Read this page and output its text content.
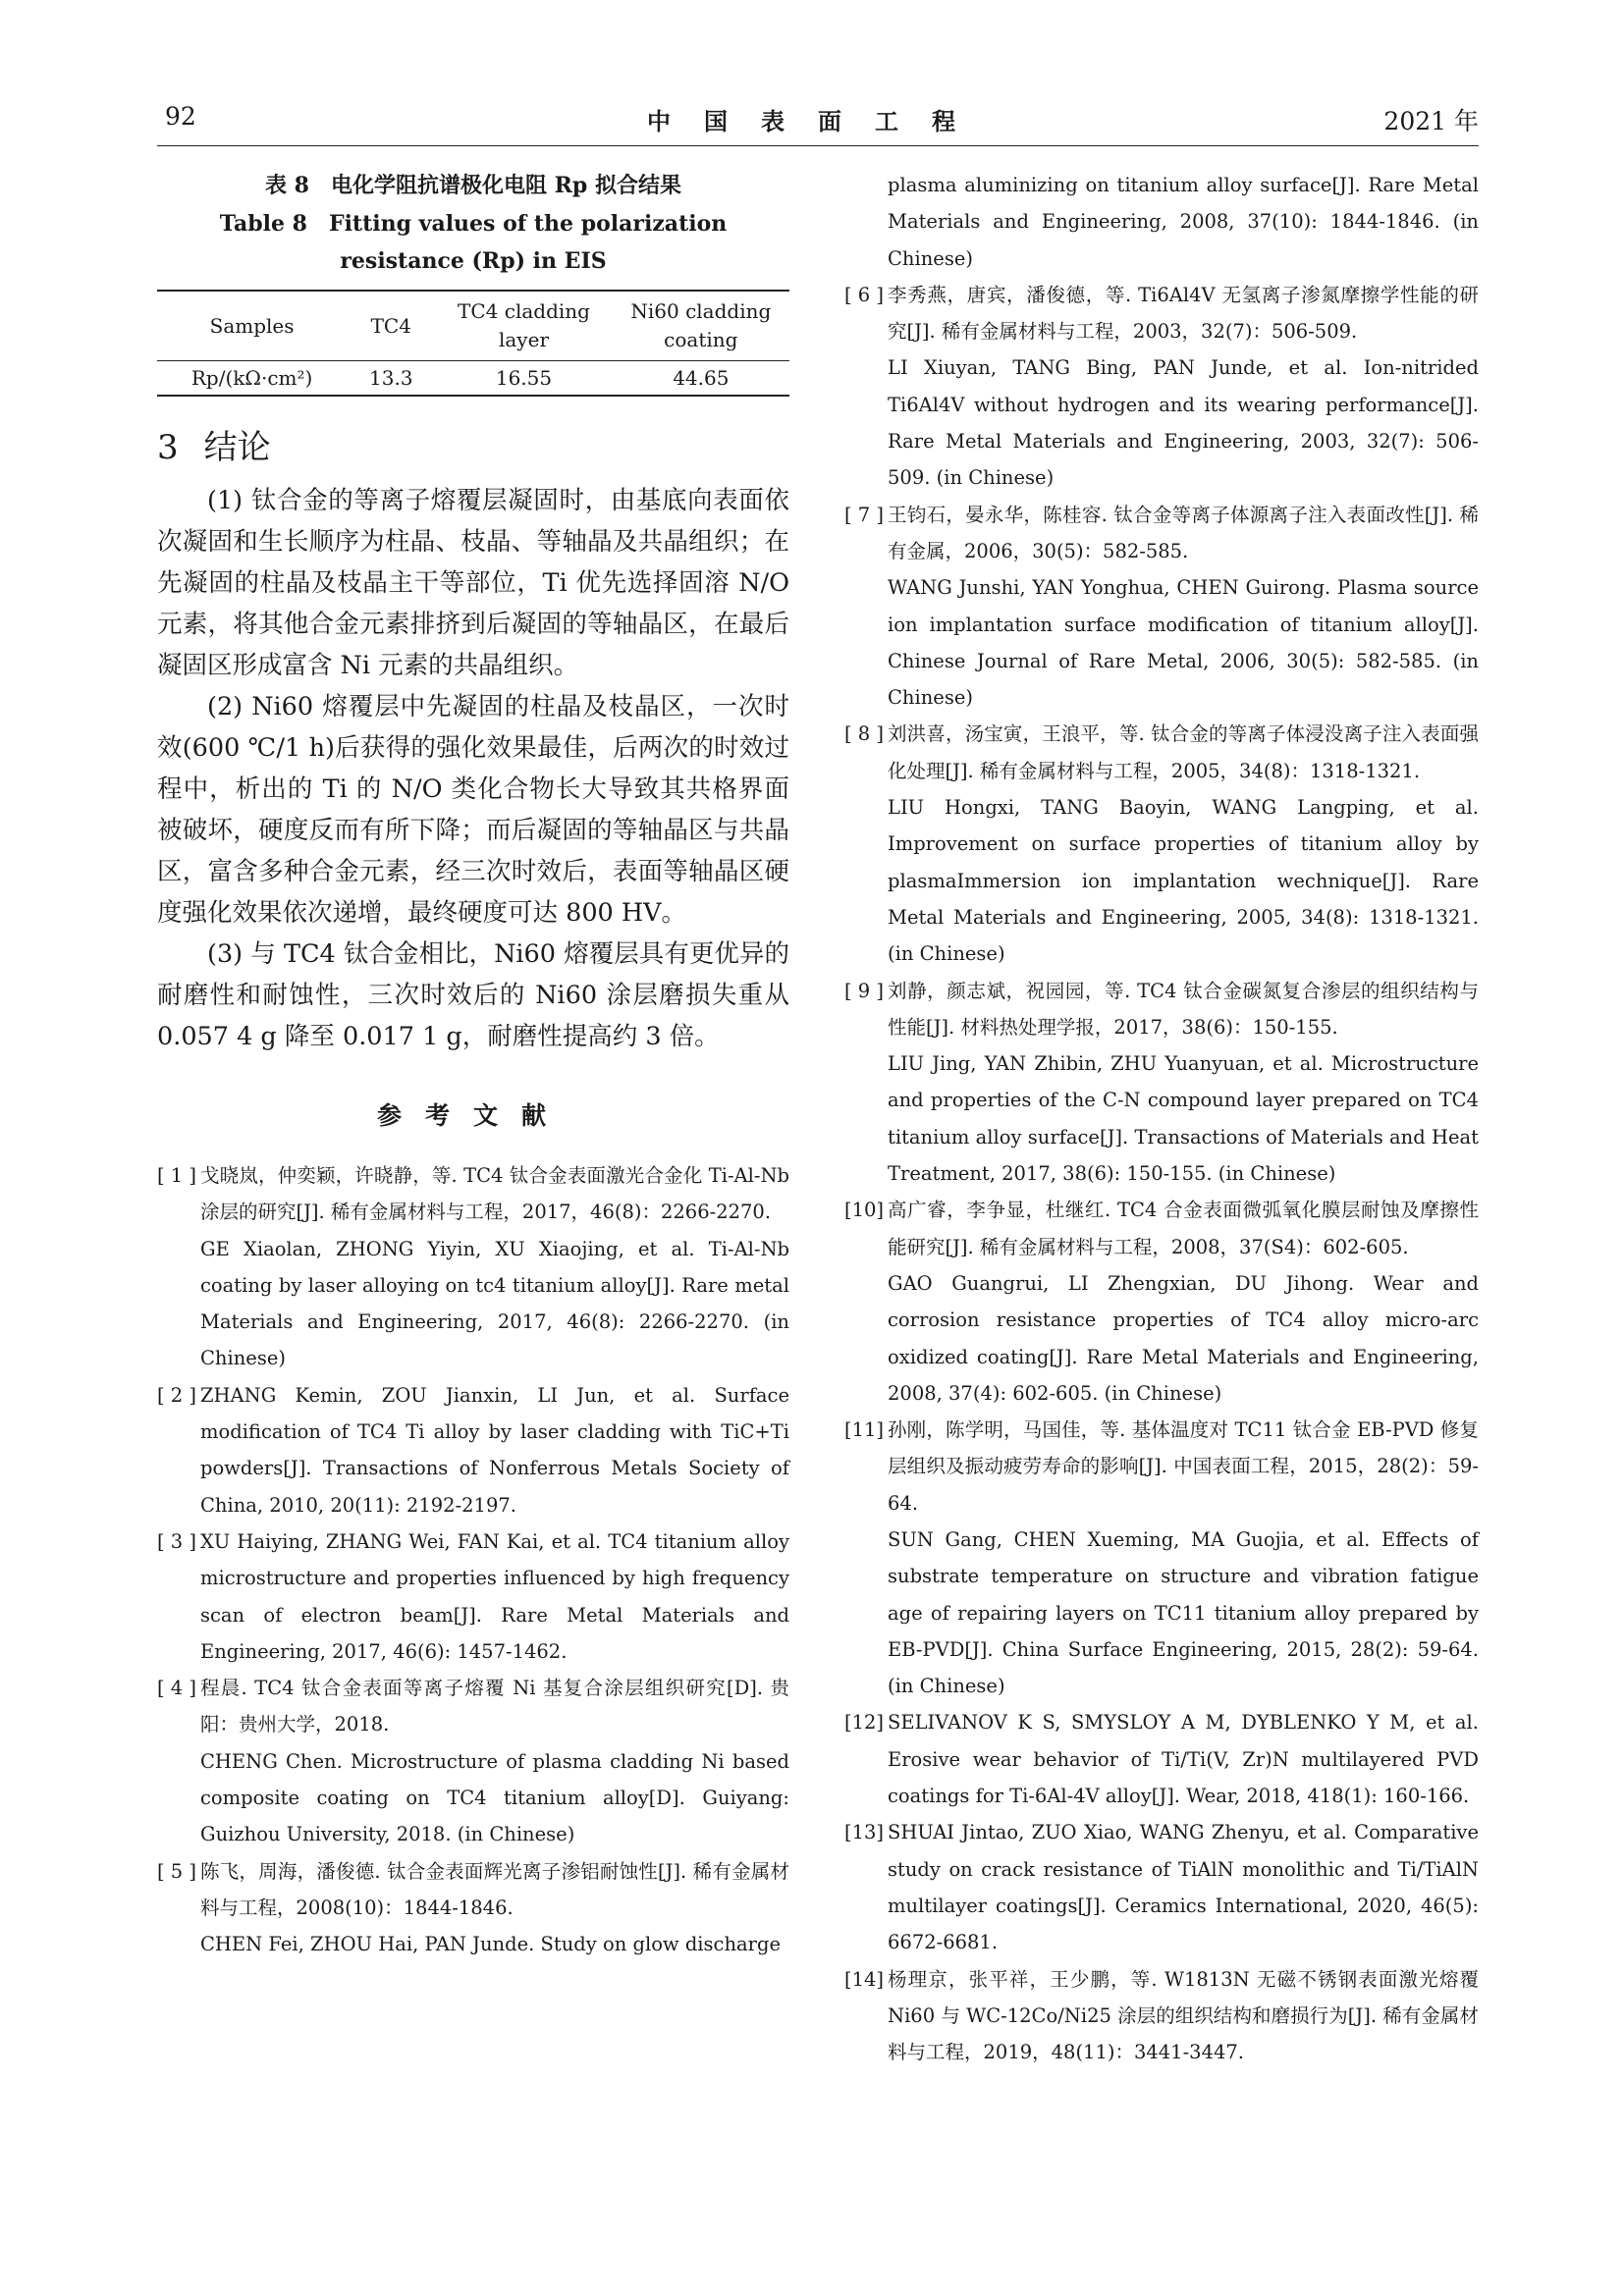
92	中国表面工程	2021 年
表 8　电化学阻抗谱极化电阻 Rp 拟合结果
Table 8　Fitting values of the polarization resistance (Rp) in EIS
Samples	TC4	TC4 cladding layer	Ni60 cladding coating
Rp/(kΩ·cm²)	13.3	16.55	44.65
3 结论

(1) 钛合金的等离子熔覆层凝固时，由基底向表面依次凝固和生长顺序为柱晶、枝晶、等轴晶及共晶组织；在先凝固的柱晶及枝晶主干等部位，Ti 优先选择固溶 N/O 元素，将其他合金元素排挤到后凝固的等轴晶区，在最后凝固区形成富含 Ni 元素的共晶组织。

(2) Ni60 熔覆层中先凝固的柱晶及枝晶区，一次时效(600 ℃/1 h)后获得的强化效果最佳，后两次的时效过程中，析出的 Ti 的 N/O 类化合物长大导致其共格界面被破坏，硬度反而有所下降；而后凝固的等轴晶区与共晶区，富含多种合金元素，经三次时效后，表面等轴晶区硬度强化效果依次递增，最终硬度可达 800 HV。

(3) 与 TC4 钛合金相比，Ni60 熔覆层具有更优异的耐磨性和耐蚀性，三次时效后的 Ni60 涂层磨损失重从 0.057 4 g 降至 0.017 1 g，耐磨性提高约 3 倍。

参考文献
[ 1 ] 戈晓岚，仲奕颖，许晓静，等. TC4 钛合金表面激光合金化 Ti-Al-Nb 涂层的研究[J]. 稀有金属材料与工程，2017，46(8)：2266-2270.

GE Xiaolan, ZHONG Yiyin, XU Xiaojing, et al. Ti-Al-Nb coating by laser alloying on tc4 titanium alloy[J]. Rare metal Materials and Engineering, 2017, 46(8): 2266-2270. (in Chinese)

[ 2 ] ZHANG Kemin, ZOU Jianxin, LI Jun, et al. Surface modification of TC4 Ti alloy by laser cladding with TiC+Ti powders[J]. Transactions of Nonferrous Metals Society of China, 2010, 20(11): 2192-2197.

[ 3 ] XU Haiying, ZHANG Wei, FAN Kai, et al. TC4 titanium alloy microstructure and properties influenced by high frequency scan of electron beam[J]. Rare Metal Materials and Engineering, 2017, 46(6): 1457-1462.

[ 4 ] 程晨. TC4 钛合金表面等离子熔覆 Ni 基复合涂层组织研究[D]. 贵阳：贵州大学，2018.

CHENG Chen. Microstructure of plasma cladding Ni based composite coating on TC4 titanium alloy[D]. Guiyang: Guizhou University, 2018. (in Chinese)

[ 5 ] 陈飞，周海，潘俊德. 钛合金表面辉光离子渗铝耐蚀性[J]. 稀有金属材料与工程，2008(10)：1844-1846.

CHEN Fei, ZHOU Hai, PAN Junde. Study on glow discharge

plasma aluminizing on titanium alloy surface[J]. Rare Metal Materials and Engineering, 2008, 37(10): 1844-1846. (in Chinese)

[ 6 ] 李秀燕，唐宾，潘俊德，等. Ti6Al4V 无氢离子渗氮摩擦学性能的研究[J]. 稀有金属材料与工程，2003，32(7)：506-509.

LI Xiuyan, TANG Bing, PAN Junde, et al. Ion-nitrided Ti6Al4V without hydrogen and its wearing performance[J]. Rare Metal Materials and Engineering, 2003, 32(7): 506-509. (in Chinese)

[ 7 ] 王钧石，晏永华，陈桂容. 钛合金等离子体源离子注入表面改性[J]. 稀有金属，2006，30(5)：582-585.

WANG Junshi, YAN Yonghua, CHEN Guirong. Plasma source ion implantation surface modification of titanium alloy[J]. Chinese Journal of Rare Metal, 2006, 30(5): 582-585. (in Chinese)

[ 8 ] 刘洪喜，汤宝寅，王浪平，等. 钛合金的等离子体浸没离子注入表面强化处理[J]. 稀有金属材料与工程，2005，34(8)：1318-1321.

LIU Hongxi, TANG Baoyin, WANG Langping, et al. Improvement on surface properties of titanium alloy by plasmaImmersion ion implantation wechnique[J]. Rare Metal Materials and Engineering, 2005, 34(8): 1318-1321. (in Chinese)

[ 9 ] 刘静，颜志斌，祝园园，等. TC4 钛合金碳氮复合渗层的组织结构与性能[J]. 材料热处理学报，2017，38(6)：150-155.

LIU Jing, YAN Zhibin, ZHU Yuanyuan, et al. Microstructure and properties of the C-N compound layer prepared on TC4 titanium alloy surface[J]. Transactions of Materials and Heat Treatment, 2017, 38(6): 150-155. (in Chinese)

[10] 高广睿，李争显，杜继红. TC4 合金表面微弧氧化膜层耐蚀及摩擦性能研究[J]. 稀有金属材料与工程，2008，37(S4)：602-605.

GAO Guangrui, LI Zhengxian, DU Jihong. Wear and corrosion resistance properties of TC4 alloy micro-arc oxidized coating[J]. Rare Metal Materials and Engineering, 2008, 37(4): 602-605. (in Chinese)

[11] 孙刚，陈学明，马国佳，等. 基体温度对 TC11 钛合金 EB-PVD 修复层组织及振动疲劳寿命的影响[J]. 中国表面工程，2015，28(2)：59-64.

SUN Gang, CHEN Xueming, MA Guojia, et al. Effects of substrate temperature on structure and vibration fatigue age of repairing layers on TC11 titanium alloy prepared by EB-PVD[J]. China Surface Engineering, 2015, 28(2): 59-64. (in Chinese)

[12] SELIVANOV K S, SMYSLOY A M, DYBLENKO Y M, et al. Erosive wear behavior of Ti/Ti(V, Zr)N multilayered PVD coatings for Ti-6Al-4V alloy[J]. Wear, 2018, 418(1): 160-166.

[13] SHUAI Jintao, ZUO Xiao, WANG Zhenyu, et al. Comparative study on crack resistance of TiAlN monolithic and Ti/TiAlN multilayer coatings[J]. Ceramics International, 2020, 46(5): 6672-6681.

[14] 杨理京，张平祥，王少鹏，等. W1813N 无磁不锈钢表面激光熔覆 Ni60 与 WC-12Co/Ni25 涂层的组织结构和磨损行为[J]. 稀有金属材料与工程，2019，48(11)：3441-3447.
